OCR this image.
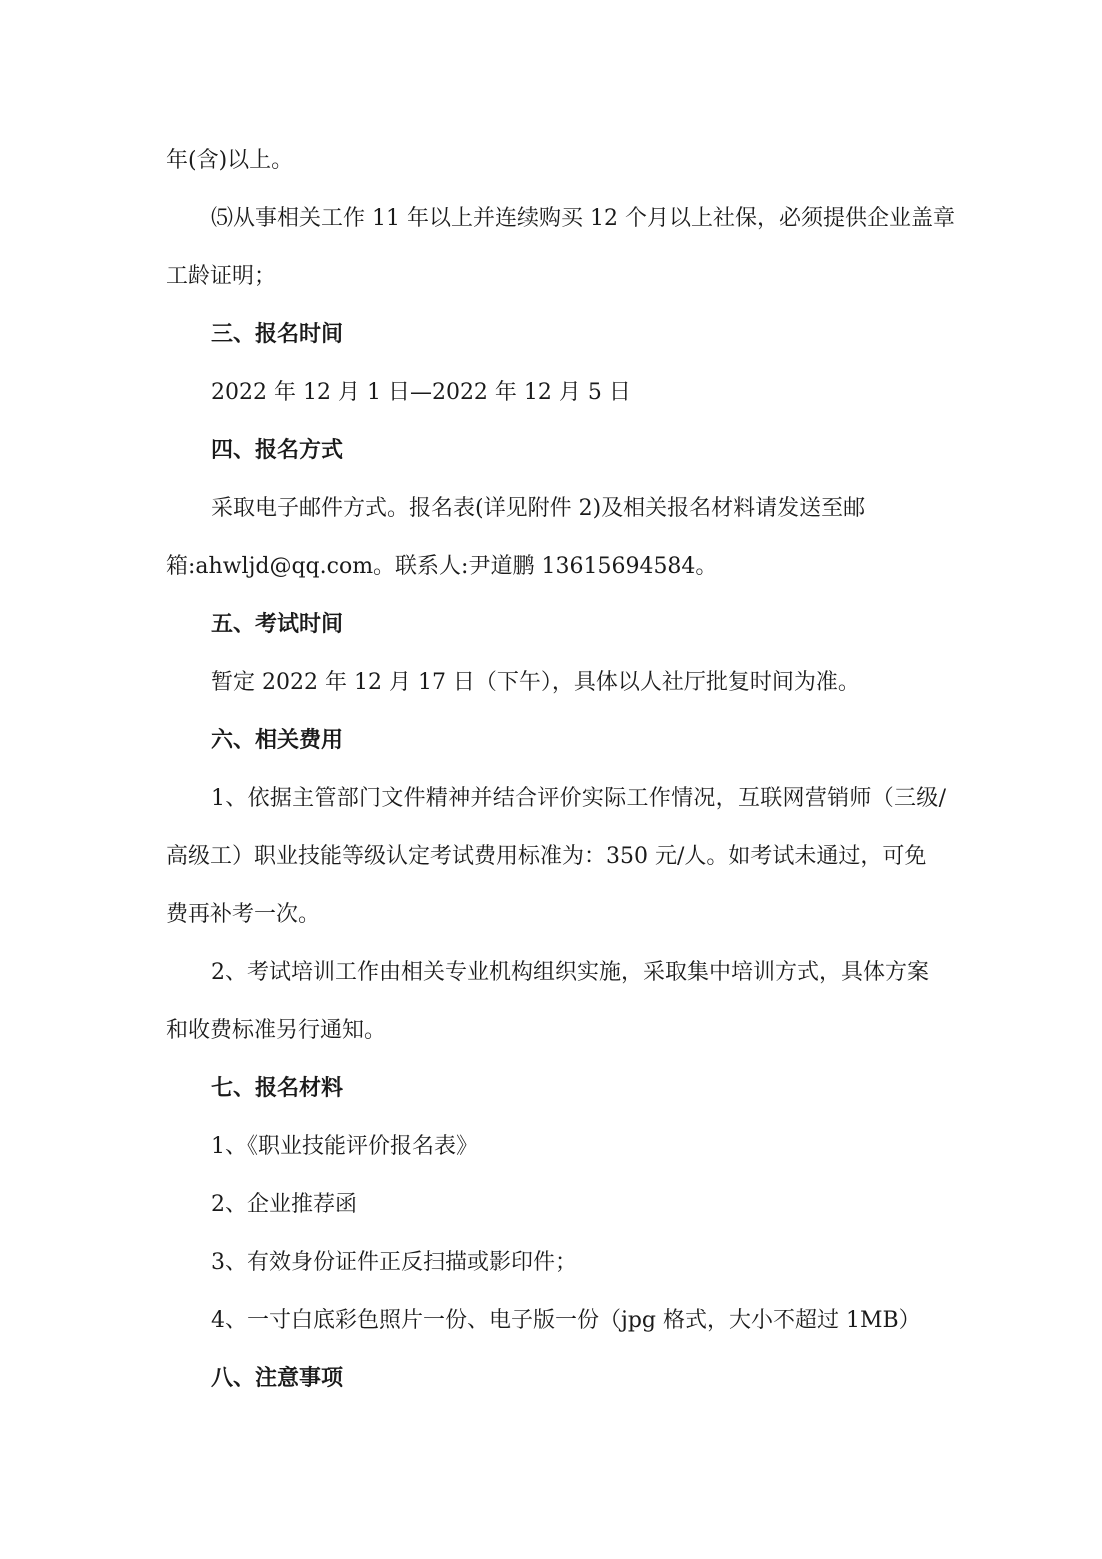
年(含)以上。
⑸从事相关工作 11 年以上并连续购买 12 个月以上社保，必须提供企业盖章
工龄证明；
三、报名时间
2022 年 12 月 1 日—2022 年 12 月 5 日
四、报名方式
采取电子邮件方式。报名表(详见附件 2)及相关报名材料请发送至邮
箱:ahwljd@qq.com。联系人:尹道鹏 13615694584。
五、考试时间
暂定 2022 年 12 月 17 日（下午），具体以人社厅批复时间为准。
六、相关费用
1、依据主管部门文件精神并结合评价实际工作情况，互联网营销师（三级/
高级工）职业技能等级认定考试费用标准为：350 元/人。如考试未通过，可免
费再补考一次。
2、考试培训工作由相关专业机构组织实施，采取集中培训方式，具体方案
和收费标准另行通知。
七、报名材料
1、《职业技能评价报名表》
2、企业推荐函
3、有效身份证件正反扫描或影印件；
4、一寸白底彩色照片一份、电子版一份（jpg 格式，大小不超过 1MB）
八、注意事项
